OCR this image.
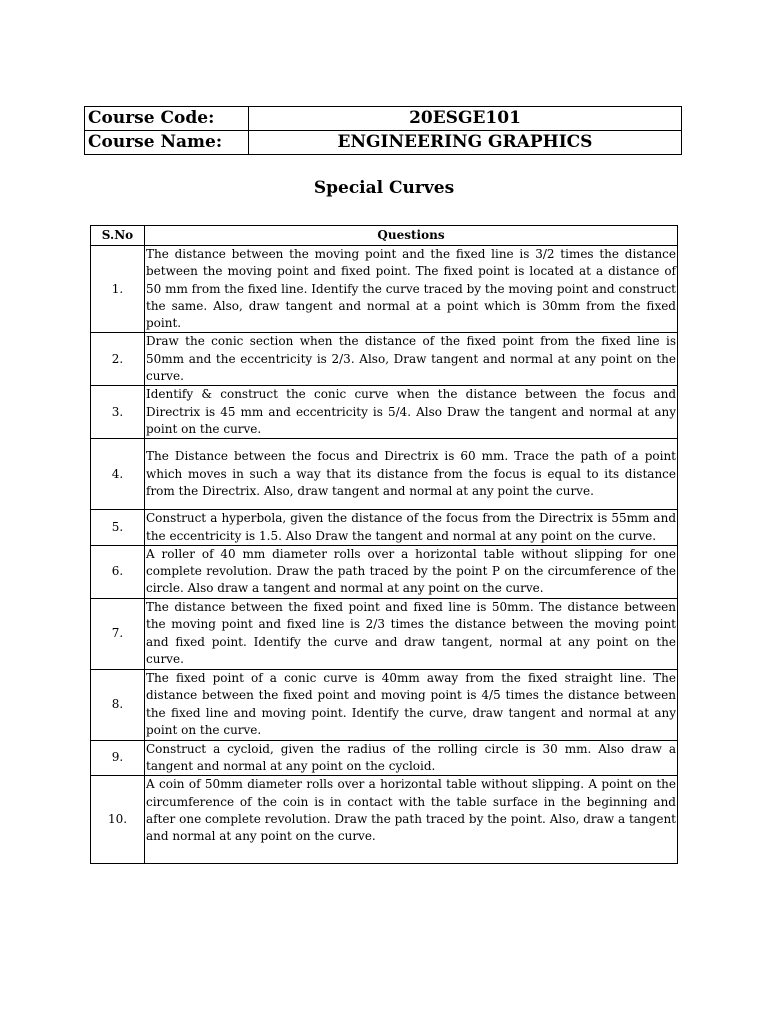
Course Code:	20ESGE101
Course Name:	ENGINEERING GRAPHICS
Special Curves
S.No	Questions
1.	The distance between the moving point and the fixed line is 3/2 times the distance between the moving point and fixed point. The fixed point is located at a distance of 50 mm from the fixed line. Identify the curve traced by the moving point and construct the same. Also, draw tangent and normal at a point which is 30mm from the fixed point.
2.	Draw the conic section when the distance of the fixed point from the fixed line is 50mm and the eccentricity is 2/3. Also, Draw tangent and normal at any point on the curve.
3.	Identify & construct the conic curve when the distance between the focus and Directrix is 45 mm and eccentricity is 5/4. Also Draw the tangent and normal at any point on the curve.
4.	The Distance between the focus and Directrix is 60 mm. Trace the path of a point which moves in such a way that its distance from the focus is equal to its distance from the Directrix. Also, draw tangent and normal at any point the curve.
5.	Construct a hyperbola, given the distance of the focus from the Directrix is 55mm and the eccentricity is 1.5. Also Draw the tangent and normal at any point on the curve.
6.	A roller of 40 mm diameter rolls over a horizontal table without slipping for one complete revolution. Draw the path traced by the point P on the circumference of the circle. Also draw a tangent and normal at any point on the curve.
7.	The distance between the fixed point and fixed line is 50mm. The distance between the moving point and fixed line is 2/3 times the distance between the moving point and fixed point. Identify the curve and draw tangent, normal at any point on the curve.
8.	The fixed point of a conic curve is 40mm away from the fixed straight line. The distance between the fixed point and moving point is 4/5 times the distance between the fixed line and moving point. Identify the curve, draw tangent and normal at any point on the curve.
9.	Construct a cycloid, given the radius of the rolling circle is 30 mm. Also draw a tangent and normal at any point on the cycloid.
10.	A coin of 50mm diameter rolls over a horizontal table without slipping. A point on the circumference of the coin is in contact with the table surface in the beginning and after one complete revolution. Draw the path traced by the point. Also, draw a tangent and normal at any point on the curve.
